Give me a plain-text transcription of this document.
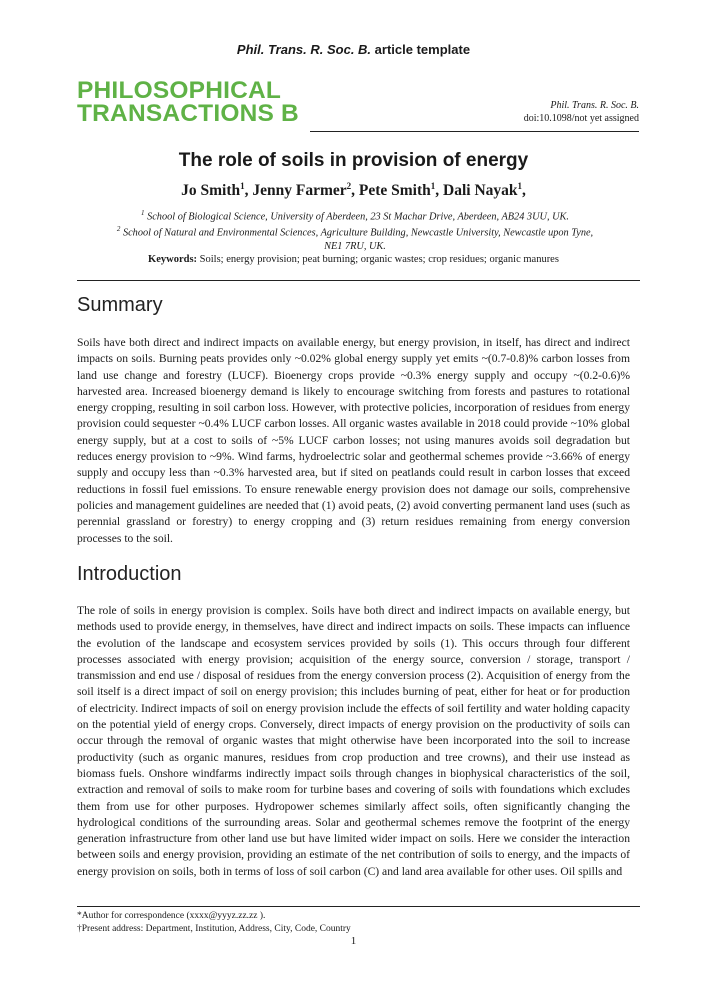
Phil. Trans. R. Soc. B. article template
PHILOSOPHICAL
TRANSACTIONS B	Phil. Trans. R. Soc. B.
doi:10.1098/not yet assigned
The role of soils in provision of energy
Jo Smith$^1$, Jenny Farmer$^2$, Pete Smith$^1$, Dali Nayak$^1$,
$^1$ School of Biological Science, University of Aberdeen, 23 St Machar Drive, Aberdeen, AB24 3UU, UK.
$^2$ School of Natural and Environmental Sciences, Agriculture Building, Newcastle University, Newcastle upon Tyne, NE1 7RU, UK.
Keywords: Soils; energy provision; peat burning; organic wastes; crop residues; organic manures
Summary
Soils have both direct and indirect impacts on available energy, but energy provision, in itself, has direct and indirect impacts on soils. Burning peats provides only ~0.02% global energy supply yet emits ~(0.7-0.8)% carbon losses from land use change and forestry (LUCF). Bioenergy crops provide ~0.3% energy supply and occupy ~(0.2-0.6)% harvested area. Increased bioenergy demand is likely to encourage switching from forests and pastures to rotational energy cropping, resulting in soil carbon loss. However, with protective policies, incorporation of residues from energy provision could sequester ~0.4% LUCF carbon losses. All organic wastes available in 2018 could provide ~10% global energy supply, but at a cost to soils of ~5% LUCF carbon losses; not using manures avoids soil degradation but reduces energy provision to ~9%. Wind farms, hydroelectric solar and geothermal schemes provide ~3.66% of energy supply and occupy less than ~0.3% harvested area, but if sited on peatlands could result in carbon losses that exceed reductions in fossil fuel emissions. To ensure renewable energy provision does not damage our soils, comprehensive policies and management guidelines are needed that (1) avoid peats, (2) avoid converting permanent land uses (such as perennial grassland or forestry) to energy cropping and (3) return residues remaining from energy conversion processes to the soil.
Introduction
The role of soils in energy provision is complex. Soils have both direct and indirect impacts on available energy, but methods used to provide energy, in themselves, have direct and indirect impacts on soils. These impacts can influence the evolution of the landscape and ecosystem services provided by soils (1). This occurs through four different processes associated with energy provision; acquisition of the energy source, conversion / storage, transport / transmission and end use / disposal of residues from the energy conversion process (2). Acquisition of energy from the soil itself is a direct impact of soil on energy provision; this includes burning of peat, either for heat or for production of electricity. Indirect impacts of soil on energy provision include the effects of soil fertility and water holding capacity on the potential yield of energy crops. Conversely, direct impacts of energy provision on the productivity of soils can occur through the removal of organic wastes that might otherwise have been incorporated into the soil to increase productivity (such as organic manures, residues from crop production and tree crowns), and their use instead as biomass fuels. Onshore windfarms indirectly impact soils through changes in biophysical characteristics of the soil, extraction and removal of soils to make room for turbine bases and covering of soils with foundations which excludes them from use for other purposes. Hydropower schemes similarly affect soils, often significantly changing the hydrological conditions of the surrounding areas. Solar and geothermal schemes remove the footprint of the energy generation infrastructure from other land use but have limited wider impact on soils. Here we consider the interaction between soils and energy provision, providing an estimate of the net contribution of soils to energy, and the impacts of energy provision on soils, both in terms of loss of soil carbon (C) and land area available for other uses. Oil spills and
*Author for correspondence (xxxx@yyyz.zz.zz ).
†Present address: Department, Institution, Address, City, Code, Country
1
